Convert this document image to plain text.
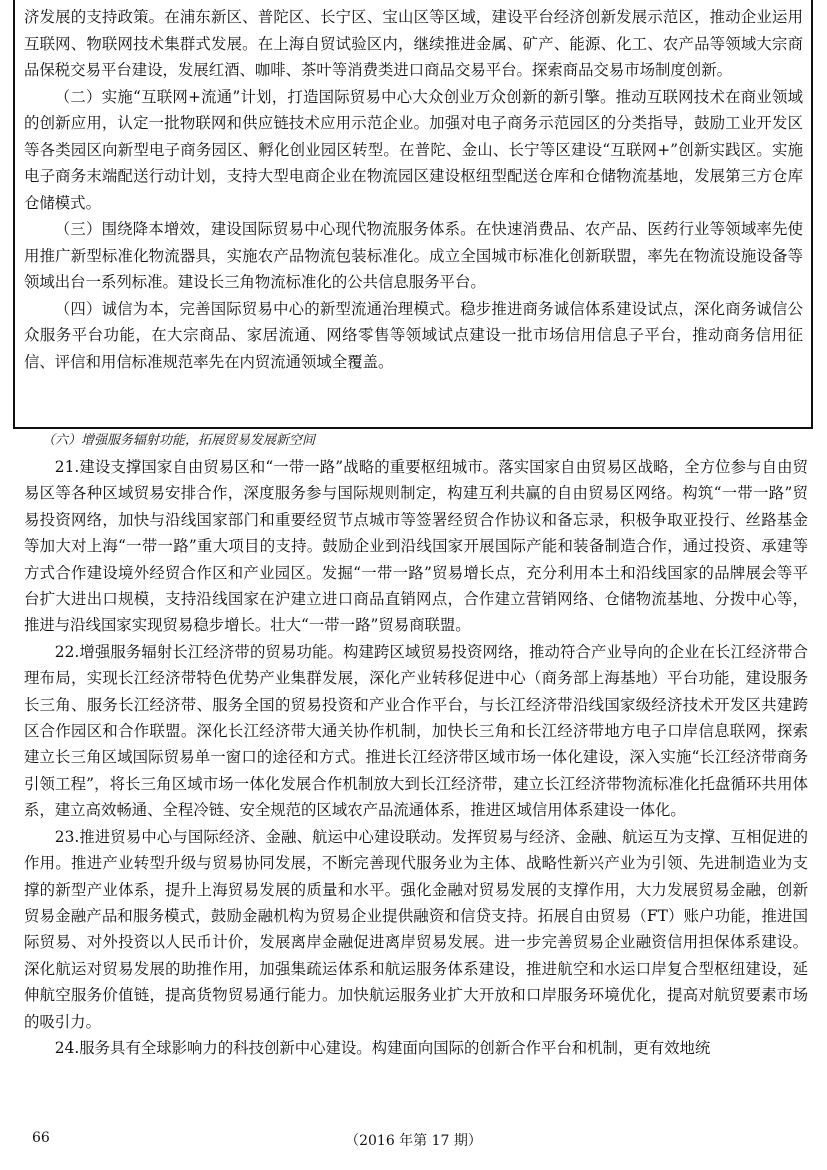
济发展的支持政策。在浦东新区、普陀区、长宁区、宝山区等区域，建设平台经济创新发展示范区，推动企业运用互联网、物联网技术集群式发展。在上海自贸试验区内，继续推进金属、矿产、能源、化工、农产品等领域大宗商品保税交易平台建设，发展红酒、咖啡、茶叶等消费类进口商品交易平台。探索商品交易市场制度创新。

（二）实施“互联网+流通”计划，打造国际贸易中心大众创业万众创新的新引擎。推动互联网技术在商业领域的创新应用，认定一批物联网和供应链技术应用示范企业。加强对电子商务示范园区的分类指导，鼓励工业开发区等各类园区向新型电子商务园区、孵化创业园区转型。在普陀、金山、长宁等区建设“互联网+”创新实践区。实施电子商务末端配送行动计划，支持大型电商企业在物流园区建设枢纽型配送仓库和仓储物流基地，发展第三方仓库仓储模式。

（三）围绕降本增效，建设国际贸易中心现代物流服务体系。在快速消费品、农产品、医药行业等领域率先使用推广新型标准化物流器具，实施农产品物流包装标准化。成立全国城市标准化创新联盟，率先在物流设施设备等领域出台一系列标准。建设长三角物流标准化的公共信息服务平台。

（四）诚信为本，完善国际贸易中心的新型流通治理模式。稳步推进商务诚信体系建设试点，深化商务诚信公众服务平台功能，在大宗商品、家居流通、网络零售等领域试点建设一批市场信用信息子平台，推动商务信用征信、评信和用信标准规范率先在内贸流通领域全覆盖。

（六）增强服务辐射功能，拓展贸易发展新空间

21.建设支撑国家自由贸易区和“一带一路”战略的重要枢纽城市。落实国家自由贸易区战略，全方位参与自由贸易区等各种区域贸易安排合作，深度服务参与国际规则制定，构建互利共赢的自由贸易区网络。构筑“一带一路”贸易投资网络，加快与沿线国家部门和重要经贸节点城市等签署经贸合作协议和备忘录，积极争取亚投行、丝路基金等加大对上海“一带一路”重大项目的支持。鼓励企业到沿线国家开展国际产能和装备制造合作，通过投资、承建等方式合作建设境外经贸合作区和产业园区。发掘“一带一路”贸易增长点，充分利用本土和沿线国家的品牌展会等平台扩大进出口规模，支持沿线国家在沪建立进口商品直销网点，合作建立营销网络、仓储物流基地、分拨中心等，推进与沿线国家实现贸易稳步增长。壮大“一带一路”贸易商联盟。

22.增强服务辐射长江经济带的贸易功能。构建跨区域贸易投资网络，推动符合产业导向的企业在长江经济带合理布局，实现长江经济带特色优势产业集群发展，深化产业转移促进中心（商务部上海基地）平台功能，建设服务长三角、服务长江经济带、服务全国的贸易投资和产业合作平台，与长江经济带沿线国家级经济技术开发区共建跨区合作园区和合作联盟。深化长江经济带大通关协作机制，加快长三角和长江经济带地方电子口岸信息联网，探索建立长三角区域国际贸易单一窗口的途径和方式。推进长江经济带区域市场一体化建设，深入实施“长江经济带商务引领工程”，将长三角区域市场一体化发展合作机制放大到长江经济带，建立长江经济带物流标准化托盘循环共用体系，建立高效畅通、全程冷链、安全规范的区域农产品流通体系，推进区域信用体系建设一体化。

23.推进贸易中心与国际经济、金融、航运中心建设联动。发挥贸易与经济、金融、航运互为支撑、互相促进的作用。推进产业转型升级与贸易协同发展，不断完善现代服务业为主体、战略性新兴产业为引领、先进制造业为支撑的新型产业体系，提升上海贸易发展的质量和水平。强化金融对贸易发展的支撑作用，大力发展贸易金融，创新贸易金融产品和服务模式，鼓励金融机构为贸易企业提供融资和信贷支持。拓展自由贸易（FT）账户功能，推进国际贸易、对外投资以人民币计价，发展离岸金融促进离岸贸易发展。进一步完善贸易企业融资信用担保体系建设。深化航运对贸易发展的助推作用，加强集疏运体系和航运服务体系建设，推进航空和水运口岸复合型枢纽建设，延伸航空服务价值链，提高货物贸易通行能力。加快航运服务业扩大开放和口岸服务环境优化，提高对航贸要素市场的吸引力。

24.服务具有全球影响力的科技创新中心建设。构建面向国际的创新合作平台和机制，更有效地统

66	（2016 年第 17 期）
